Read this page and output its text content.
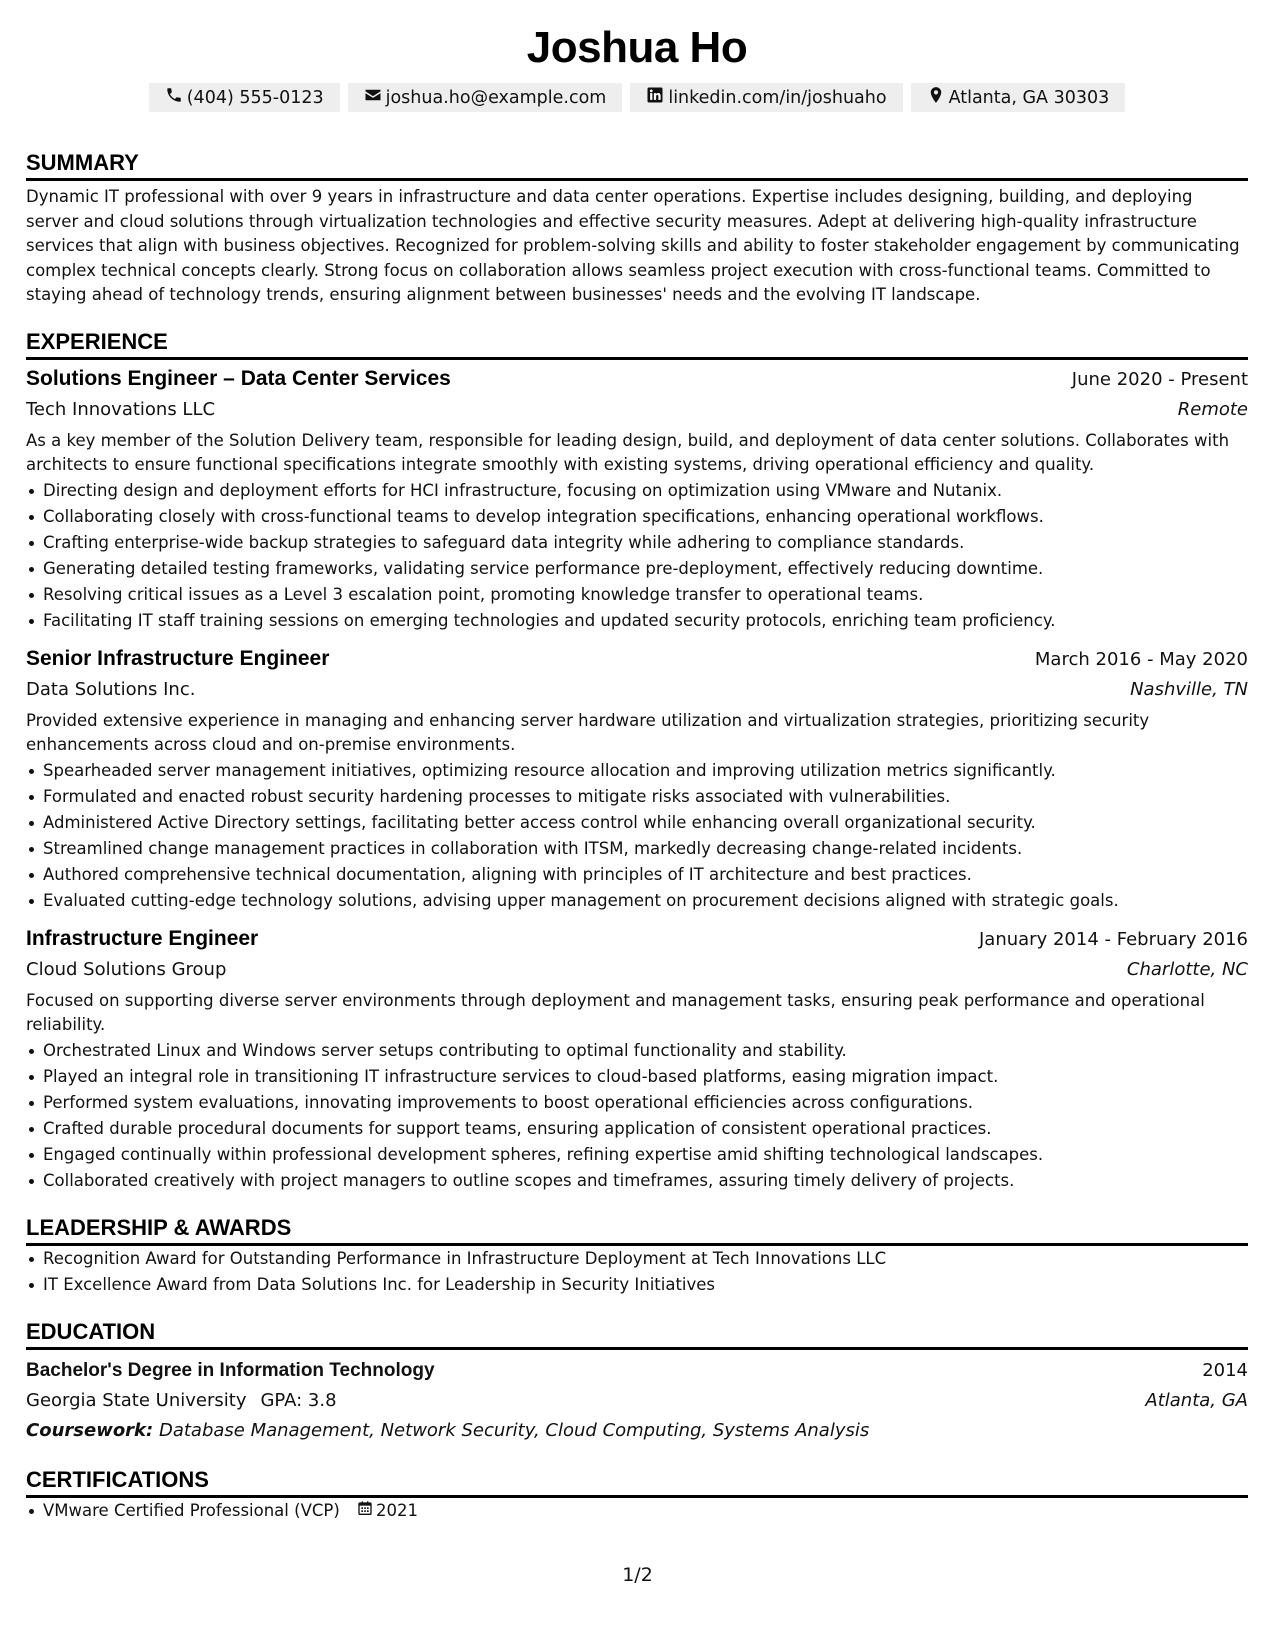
Joshua Ho
(404) 555-0123	joshua.ho@example.com	linkedin.com/in/joshuaho	Atlanta, GA 30303
SUMMARY
Dynamic IT professional with over 9 years in infrastructure and data center operations. Expertise includes designing, building, and deploying server and cloud solutions through virtualization technologies and effective security measures. Adept at delivering high-quality infrastructure services that align with business objectives. Recognized for problem-solving skills and ability to foster stakeholder engagement by communicating complex technical concepts clearly. Strong focus on collaboration allows seamless project execution with cross-functional teams. Committed to staying ahead of technology trends, ensuring alignment between businesses' needs and the evolving IT landscape.
EXPERIENCE
Solutions Engineer – Data Center Services	June 2020 - Present
Tech Innovations LLC	Remote
As a key member of the Solution Delivery team, responsible for leading design, build, and deployment of data center solutions. Collaborates with architects to ensure functional specifications integrate smoothly with existing systems, driving operational efficiency and quality.
Directing design and deployment efforts for HCI infrastructure, focusing on optimization using VMware and Nutanix.
Collaborating closely with cross-functional teams to develop integration specifications, enhancing operational workflows.
Crafting enterprise-wide backup strategies to safeguard data integrity while adhering to compliance standards.
Generating detailed testing frameworks, validating service performance pre-deployment, effectively reducing downtime.
Resolving critical issues as a Level 3 escalation point, promoting knowledge transfer to operational teams.
Facilitating IT staff training sessions on emerging technologies and updated security protocols, enriching team proficiency.
Senior Infrastructure Engineer	March 2016 - May 2020
Data Solutions Inc.	Nashville, TN
Provided extensive experience in managing and enhancing server hardware utilization and virtualization strategies, prioritizing security enhancements across cloud and on-premise environments.
Spearheaded server management initiatives, optimizing resource allocation and improving utilization metrics significantly.
Formulated and enacted robust security hardening processes to mitigate risks associated with vulnerabilities.
Administered Active Directory settings, facilitating better access control while enhancing overall organizational security.
Streamlined change management practices in collaboration with ITSM, markedly decreasing change-related incidents.
Authored comprehensive technical documentation, aligning with principles of IT architecture and best practices.
Evaluated cutting-edge technology solutions, advising upper management on procurement decisions aligned with strategic goals.
Infrastructure Engineer	January 2014 - February 2016
Cloud Solutions Group	Charlotte, NC
Focused on supporting diverse server environments through deployment and management tasks, ensuring peak performance and operational reliability.
Orchestrated Linux and Windows server setups contributing to optimal functionality and stability.
Played an integral role in transitioning IT infrastructure services to cloud-based platforms, easing migration impact.
Performed system evaluations, innovating improvements to boost operational efficiencies across configurations.
Crafted durable procedural documents for support teams, ensuring application of consistent operational practices.
Engaged continually within professional development spheres, refining expertise amid shifting technological landscapes.
Collaborated creatively with project managers to outline scopes and timeframes, assuring timely delivery of projects.
LEADERSHIP & AWARDS
Recognition Award for Outstanding Performance in Infrastructure Deployment at Tech Innovations LLC
IT Excellence Award from Data Solutions Inc. for Leadership in Security Initiatives
EDUCATION
Bachelor's Degree in Information Technology	2014
Georgia State University GPA: 3.8	Atlanta, GA
Coursework: Database Management, Network Security, Cloud Computing, Systems Analysis
CERTIFICATIONS
VMware Certified Professional (VCP) 2021
1/2
